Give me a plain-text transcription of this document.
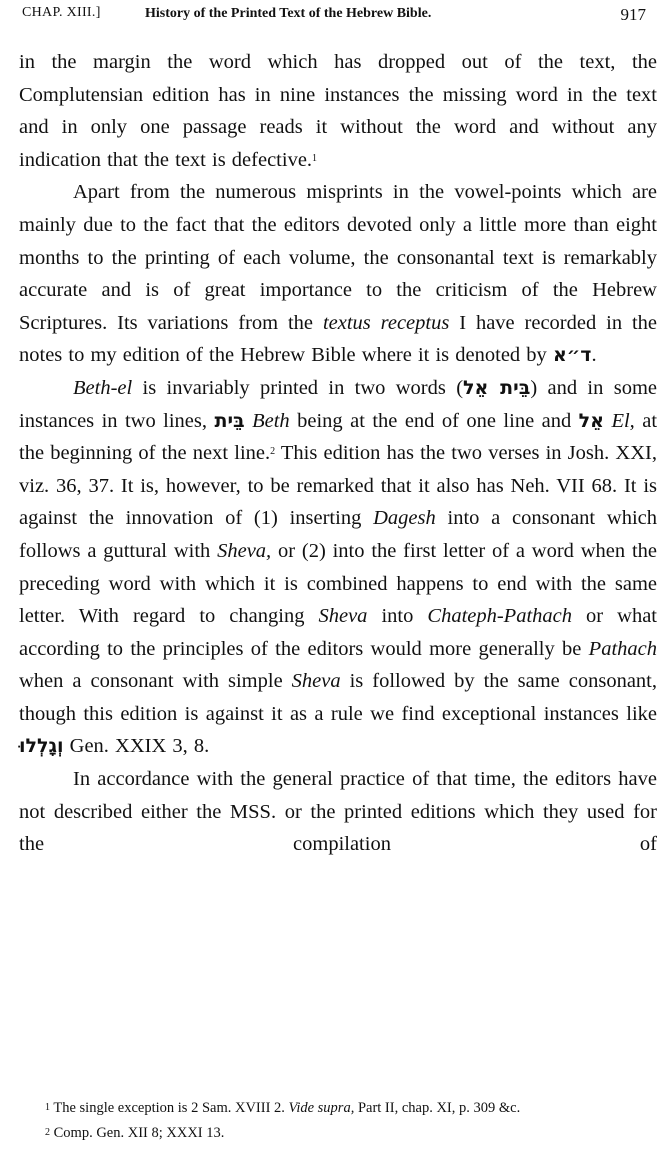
CHAP. XIII.]	History of the Printed Text of the Hebrew Bible.	917

in the margin the word which has dropped out of the text, the Complutensian edition has in nine instances the missing word in the text and in only one passage reads it without the word and without any indication that the text is defective.$^1$

Apart from the numerous misprints in the vowel-points which are mainly due to the fact that the editors devoted only a little more than eight months to the printing of each volume, the consonantal text is remarkably accurate and is of great importance to the criticism of the Hebrew Scriptures. Its variations from the textus receptus I have recorded in the notes to my edition of the Hebrew Bible where it is denoted by ד״א.

Beth-el is invariably printed in two words (בֵּית אֵל) and in some instances in two lines, בֵּית Beth being at the end of one line and אֵל El, at the beginning of the next line.$^2$ This edition has the two verses in Josh. XXI, viz. 36, 37. It is, however, to be remarked that it also has Neh. VII 68. It is against the innovation of (1) inserting Dagesh into a consonant which follows a guttural with Sheva, or (2) into the first letter of a word when the preceding word with which it is combined happens to end with the same letter. With regard to changing Sheva into Chateph-Pathach or what according to the principles of the editors would more generally be Pathach when a consonant with simple Sheva is followed by the same consonant, though this edition is against it as a rule we find exceptional instances like וְגָלְלוּ Gen. XXIX 3, 8.

In accordance with the general practice of that time, the editors have not described either the MSS. or the printed editions which they used for the compilation of

$^1$ The single exception is 2 Sam. XVIII 2. Vide supra, Part II, chap. XI, p. 309 &c.

$^2$ Comp. Gen. XII 8; XXXI 13.
